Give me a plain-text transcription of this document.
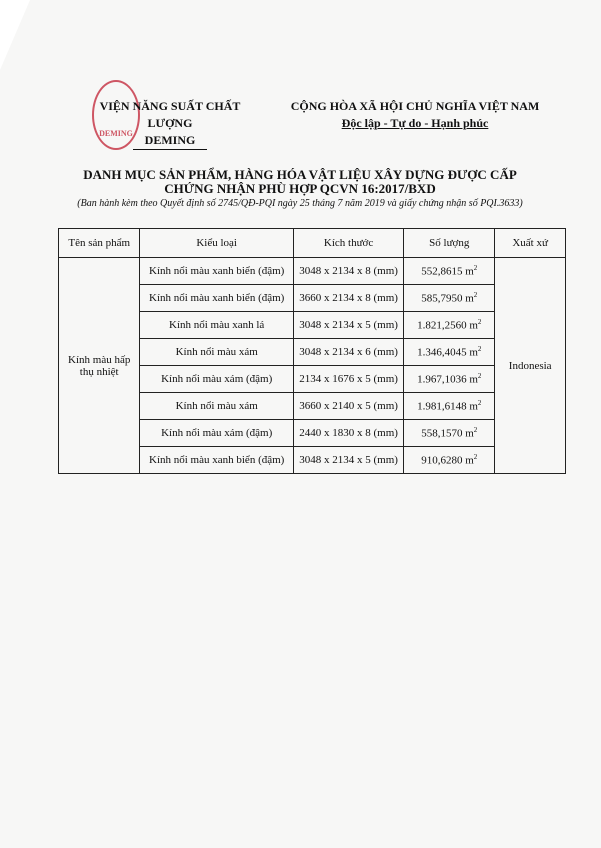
DEMING
VIỆN NĂNG SUẤT CHẤT LƯỢNG
DEMING
CỘNG HÒA XÃ HỘI CHỦ NGHĨA VIỆT NAM
Độc lập - Tự do - Hạnh phúc
DANH MỤC SẢN PHẨM, HÀNG HÓA VẬT LIỆU XÂY DỰNG ĐƯỢC CẤP
CHỨNG NHẬN PHÙ HỢP QCVN 16:2017/BXD
(Ban hành kèm theo Quyết định số 2745/QĐ-PQI ngày 25 tháng 7 năm 2019 và giấy chứng nhận số PQI.3633)
Tên sản phẩm	Kiểu loại	Kích thước	Số lượng	Xuất xứ
Kính màu hấp thụ nhiệt	Kính nổi màu xanh biển (đậm)	3048 x 2134 x 8 (mm)	552,8615 $m^2$	Indonesia
	Kính nổi màu xanh biển (đậm)	3660 x 2134 x 8 (mm)	585,7950 $m^2$
	Kính nổi màu xanh lá	3048 x 2134 x 5 (mm)	1.821,2560 $m^2$
	Kính nổi màu xám	3048 x 2134 x 6 (mm)	1.346,4045 $m^2$
	Kính nổi màu xám (đậm)	2134 x 1676 x 5 (mm)	1.967,1036 $m^2$
	Kính nổi màu xám	3660 x 2140 x 5 (mm)	1.981,6148 $m^2$
	Kính nổi màu xám (đậm)	2440 x 1830 x 8 (mm)	558,1570 $m^2$
	Kính nổi màu xanh biển (đậm)	3048 x 2134 x 5 (mm)	910,6280 $m^2$
